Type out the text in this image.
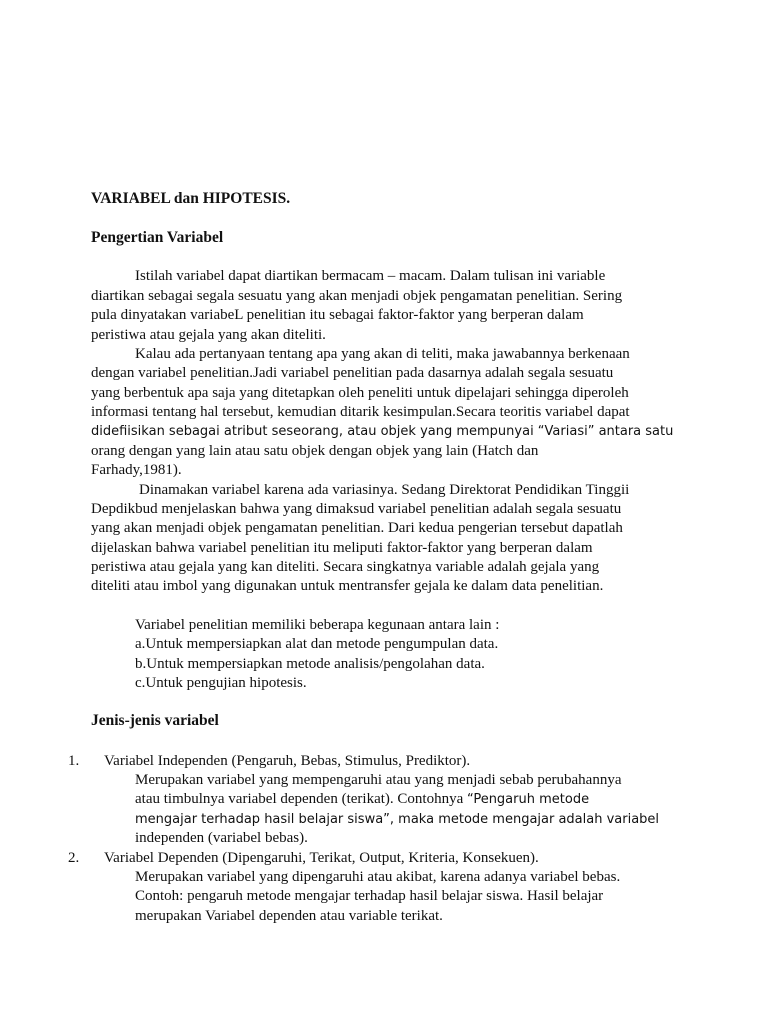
VARIABEL dan HIPOTESIS.
Pengertian Variabel
Istilah variabel dapat diartikan bermacam – macam. Dalam tulisan ini variable
diartikan sebagai segala sesuatu yang akan menjadi objek pengamatan penelitian. Sering
pula dinyatakan variabeL penelitian itu sebagai faktor-faktor yang berperan dalam
peristiwa atau gejala yang akan diteliti.
Kalau ada pertanyaan tentang apa yang akan di teliti, maka jawabannya berkenaan
dengan variabel penelitian.Jadi variabel penelitian pada dasarnya adalah segala sesuatu
yang berbentuk apa saja yang ditetapkan oleh peneliti untuk dipelajari sehingga diperoleh
informasi tentang hal tersebut, kemudian ditarik kesimpulan.Secara teoritis variabel dapat
didefiisikan sebagai atribut seseorang, atau objek yang mempunyai “Variasi” antara satu
orang dengan yang lain atau satu objek dengan objek yang lain (Hatch dan
Farhady,1981).
Dinamakan variabel karena ada variasinya. Sedang Direktorat Pendidikan Tinggii
Depdikbud menjelaskan bahwa yang dimaksud variabel penelitian adalah segala sesuatu
yang akan menjadi objek pengamatan penelitian. Dari kedua pengerian tersebut dapatlah
dijelaskan bahwa variabel penelitian itu meliputi faktor-faktor yang berperan dalam
peristiwa atau gejala yang kan diteliti. Secara singkatnya variable adalah gejala yang
diteliti atau imbol yang digunakan untuk mentransfer gejala ke dalam data penelitian.
Variabel penelitian memiliki beberapa kegunaan antara lain :
a.Untuk mempersiapkan alat dan metode pengumpulan data.
b.Untuk mempersiapkan metode analisis/pengolahan data.
c.Untuk pengujian hipotesis.
Jenis-jenis variabel
1. Variabel Independen (Pengaruh, Bebas, Stimulus, Prediktor).
Merupakan variabel yang mempengaruhi atau yang menjadi sebab perubahannya
atau timbulnya variabel dependen (terikat). Contohnya “Pengaruh metode
mengajar terhadap hasil belajar siswa”, maka metode mengajar adalah variabel
independen (variabel bebas).
2. Variabel Dependen (Dipengaruhi, Terikat, Output, Kriteria, Konsekuen).
Merupakan variabel yang dipengaruhi atau akibat, karena adanya variabel bebas.
Contoh: pengaruh metode mengajar terhadap hasil belajar siswa. Hasil belajar
merupakan Variabel dependen atau variable terikat.
